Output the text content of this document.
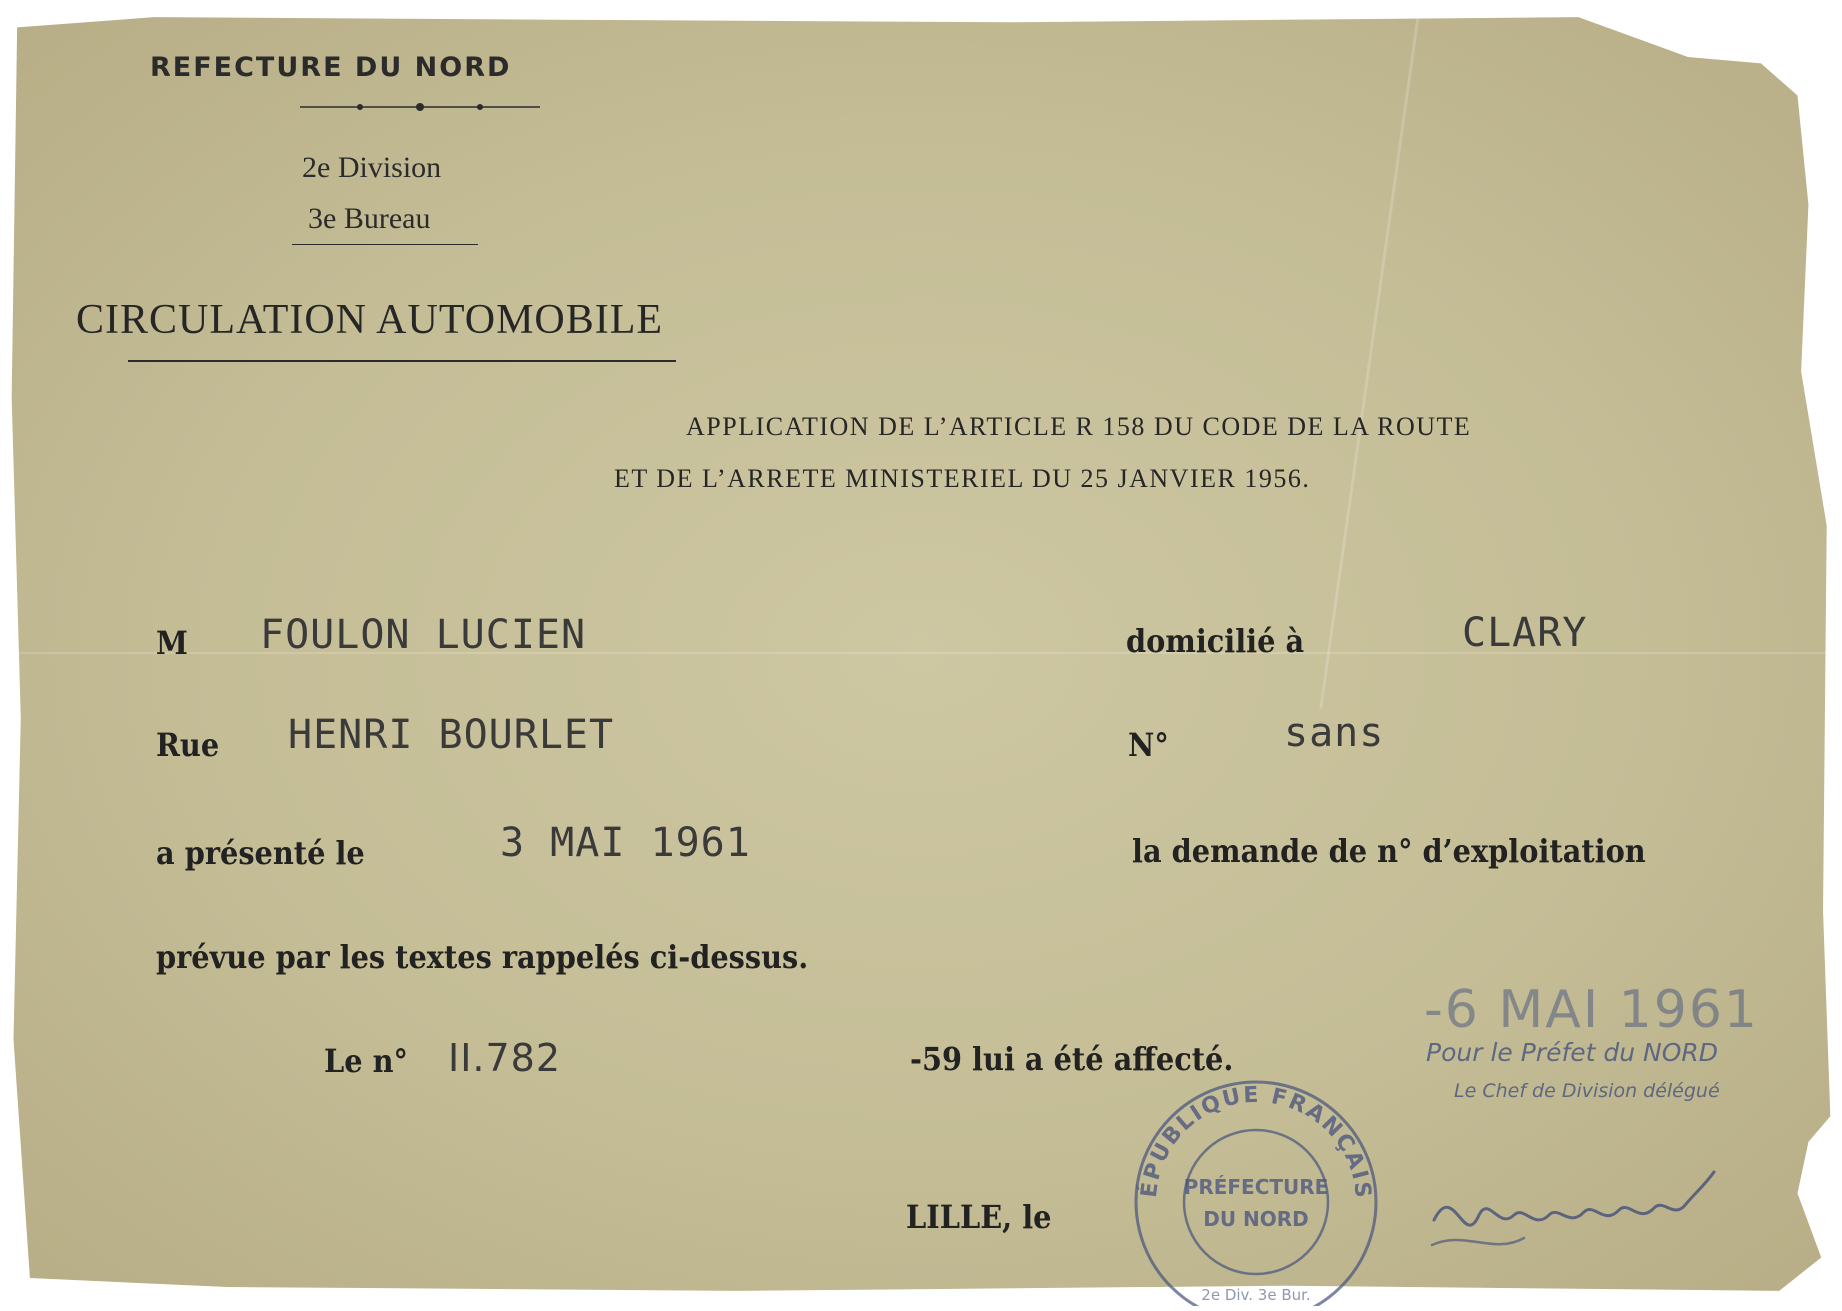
REFECTURE DU NORD
2e Division
3e Bureau
CIRCULATION AUTOMOBILE
APPLICATION DE L’ARTICLE R 158 DU CODE DE LA ROUTE
ET DE L’ARRETE MINISTERIEL DU 25 JANVIER 1956.
M FOULON LUCIEN	domicilié à	CLARY
Rue HENRI BOURLET	N°	sans
a présenté le	3 MAI 1961	la demande de n° d’exploitation
prévue par les textes rappelés ci-dessus.
Le n° II.782	-59 lui a été affecté.
LILLE, le
-6 MAI 1961
Pour le Préfet du NORD
Le Chef de Division délégué
ÉPUBLIQUE FRANÇAIS
PRÉFECTURE
DU NORD
2e Div. 3e Bur.
